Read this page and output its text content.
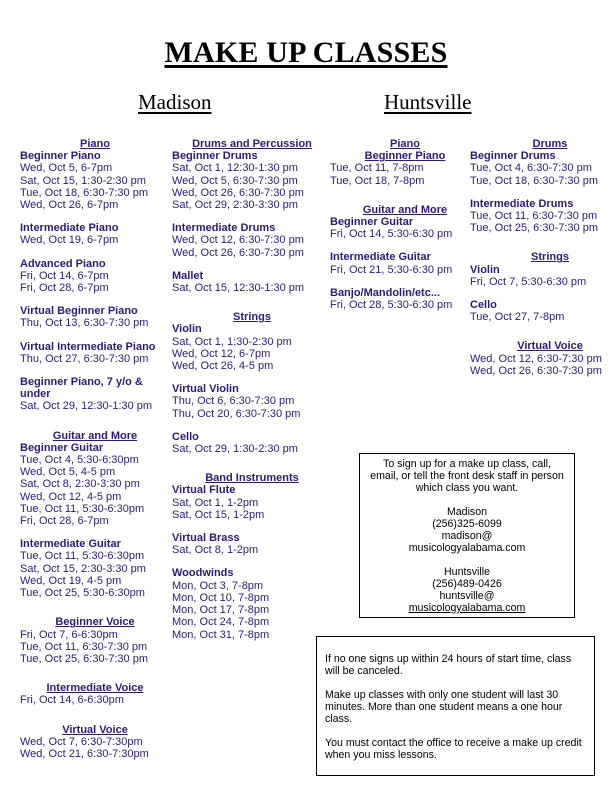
MAKE UP CLASSES
Madison	Huntsville
Piano
Beginner Piano
Wed, Oct 5, 6-7pm
Sat, Oct 15, 1:30-2:30 pm
Tue, Oct 18, 6:30-7:30 pm
Wed, Oct 26, 6-7pm
Intermediate Piano
Wed, Oct 19, 6-7pm
Advanced Piano
Fri, Oct 14, 6-7pm
Fri, Oct 28, 6-7pm
Virtual Beginner Piano
Thu, Oct 13, 6:30-7:30 pm
Virtual Intermediate Piano
Thu, Oct 27, 6:30-7:30 pm
Beginner Piano, 7 y/o & under
Sat, Oct 29, 12:30-1:30 pm
Guitar and More
Beginner Guitar
Tue, Oct 4, 5:30-6:30pm
Wed, Oct 5, 4-5 pm
Sat, Oct 8, 2:30-3:30 pm
Wed, Oct 12, 4-5 pm
Tue, Oct 11, 5:30-6:30pm
Fri, Oct 28, 6-7pm
Intermediate Guitar
Tue, Oct 11, 5:30-6:30pm
Sat, Oct 15, 2:30-3:30 pm
Wed, Oct 19, 4-5 pm
Tue, Oct 25, 5:30-6:30pm
Beginner Voice
Fri, Oct 7, 6-6:30pm
Tue, Oct 11, 6:30-7:30 pm
Tue, Oct 25, 6:30-7:30 pm
Intermediate Voice
Fri, Oct 14, 6-6:30pm
Virtual Voice
Wed, Oct 7, 6:30-7:30pm
Wed, Oct 21, 6:30-7:30pm
Drums and Percussion
Beginner Drums
Sat, Oct 1, 12:30-1:30 pm
Wed, Oct 5, 6:30-7:30 pm
Wed, Oct 26, 6:30-7:30 pm
Sat, Oct 29, 2:30-3:30 pm
Intermediate Drums
Wed, Oct 12, 6:30-7:30 pm
Wed, Oct 26, 6:30-7:30 pm
Mallet
Sat, Oct 15, 12:30-1:30 pm
Strings
Violin
Sat, Oct 1, 1:30-2:30 pm
Wed, Oct 12, 6-7pm
Wed, Oct 26, 4-5 pm
Virtual Violin
Thu, Oct 6, 6:30-7:30 pm
Thu, Oct 20, 6:30-7:30 pm
Cello
Sat, Oct 29, 1:30-2:30 pm
Band Instruments
Virtual Flute
Sat, Oct 1, 1-2pm
Sat, Oct 15, 1-2pm
Virtual Brass
Sat, Oct 8, 1-2pm
Woodwinds
Mon, Oct 3, 7-8pm
Mon, Oct 10, 7-8pm
Mon, Oct 17, 7-8pm
Mon, Oct 24, 7-8pm
Mon, Oct 31, 7-8pm
Piano
Beginner Piano
Tue, Oct 11, 7-8pm
Tue, Oct 18, 7-8pm
Guitar and More
Beginner Guitar
Fri, Oct 14, 5:30-6:30 pm
Intermediate Guitar
Fri, Oct 21, 5:30-6:30 pm
Banjo/Mandolin/etc...
Fri, Oct 28, 5:30-6:30 pm
Drums
Beginner Drums
Tue, Oct 4, 6:30-7:30 pm
Tue, Oct 18, 6:30-7:30 pm
Intermediate Drums
Tue, Oct 11, 6:30-7:30 pm
Tue, Oct 25, 6:30-7:30 pm
Strings
Violin
Fri, Oct 7, 5:30-6:30 pm
Cello
Tue, Oct 27, 7-8pm
Virtual Voice
Wed, Oct 12, 6:30-7:30 pm
Wed, Oct 26, 6:30-7:30 pm

To sign up for a make up class, call, email, or tell the front desk staff in person which class you want.

Madison

(256)325-6099

madison@

musicologyalabama.com

Huntsville

(256)489-0426

huntsville@

musicologyalabama.com

If no one signs up within 24 hours of start time, class will be canceled.

Make up classes with only one student will last 30 minutes. More than one student means a one hour class.

You must contact the office to receive a make up credit when you miss lessons.
